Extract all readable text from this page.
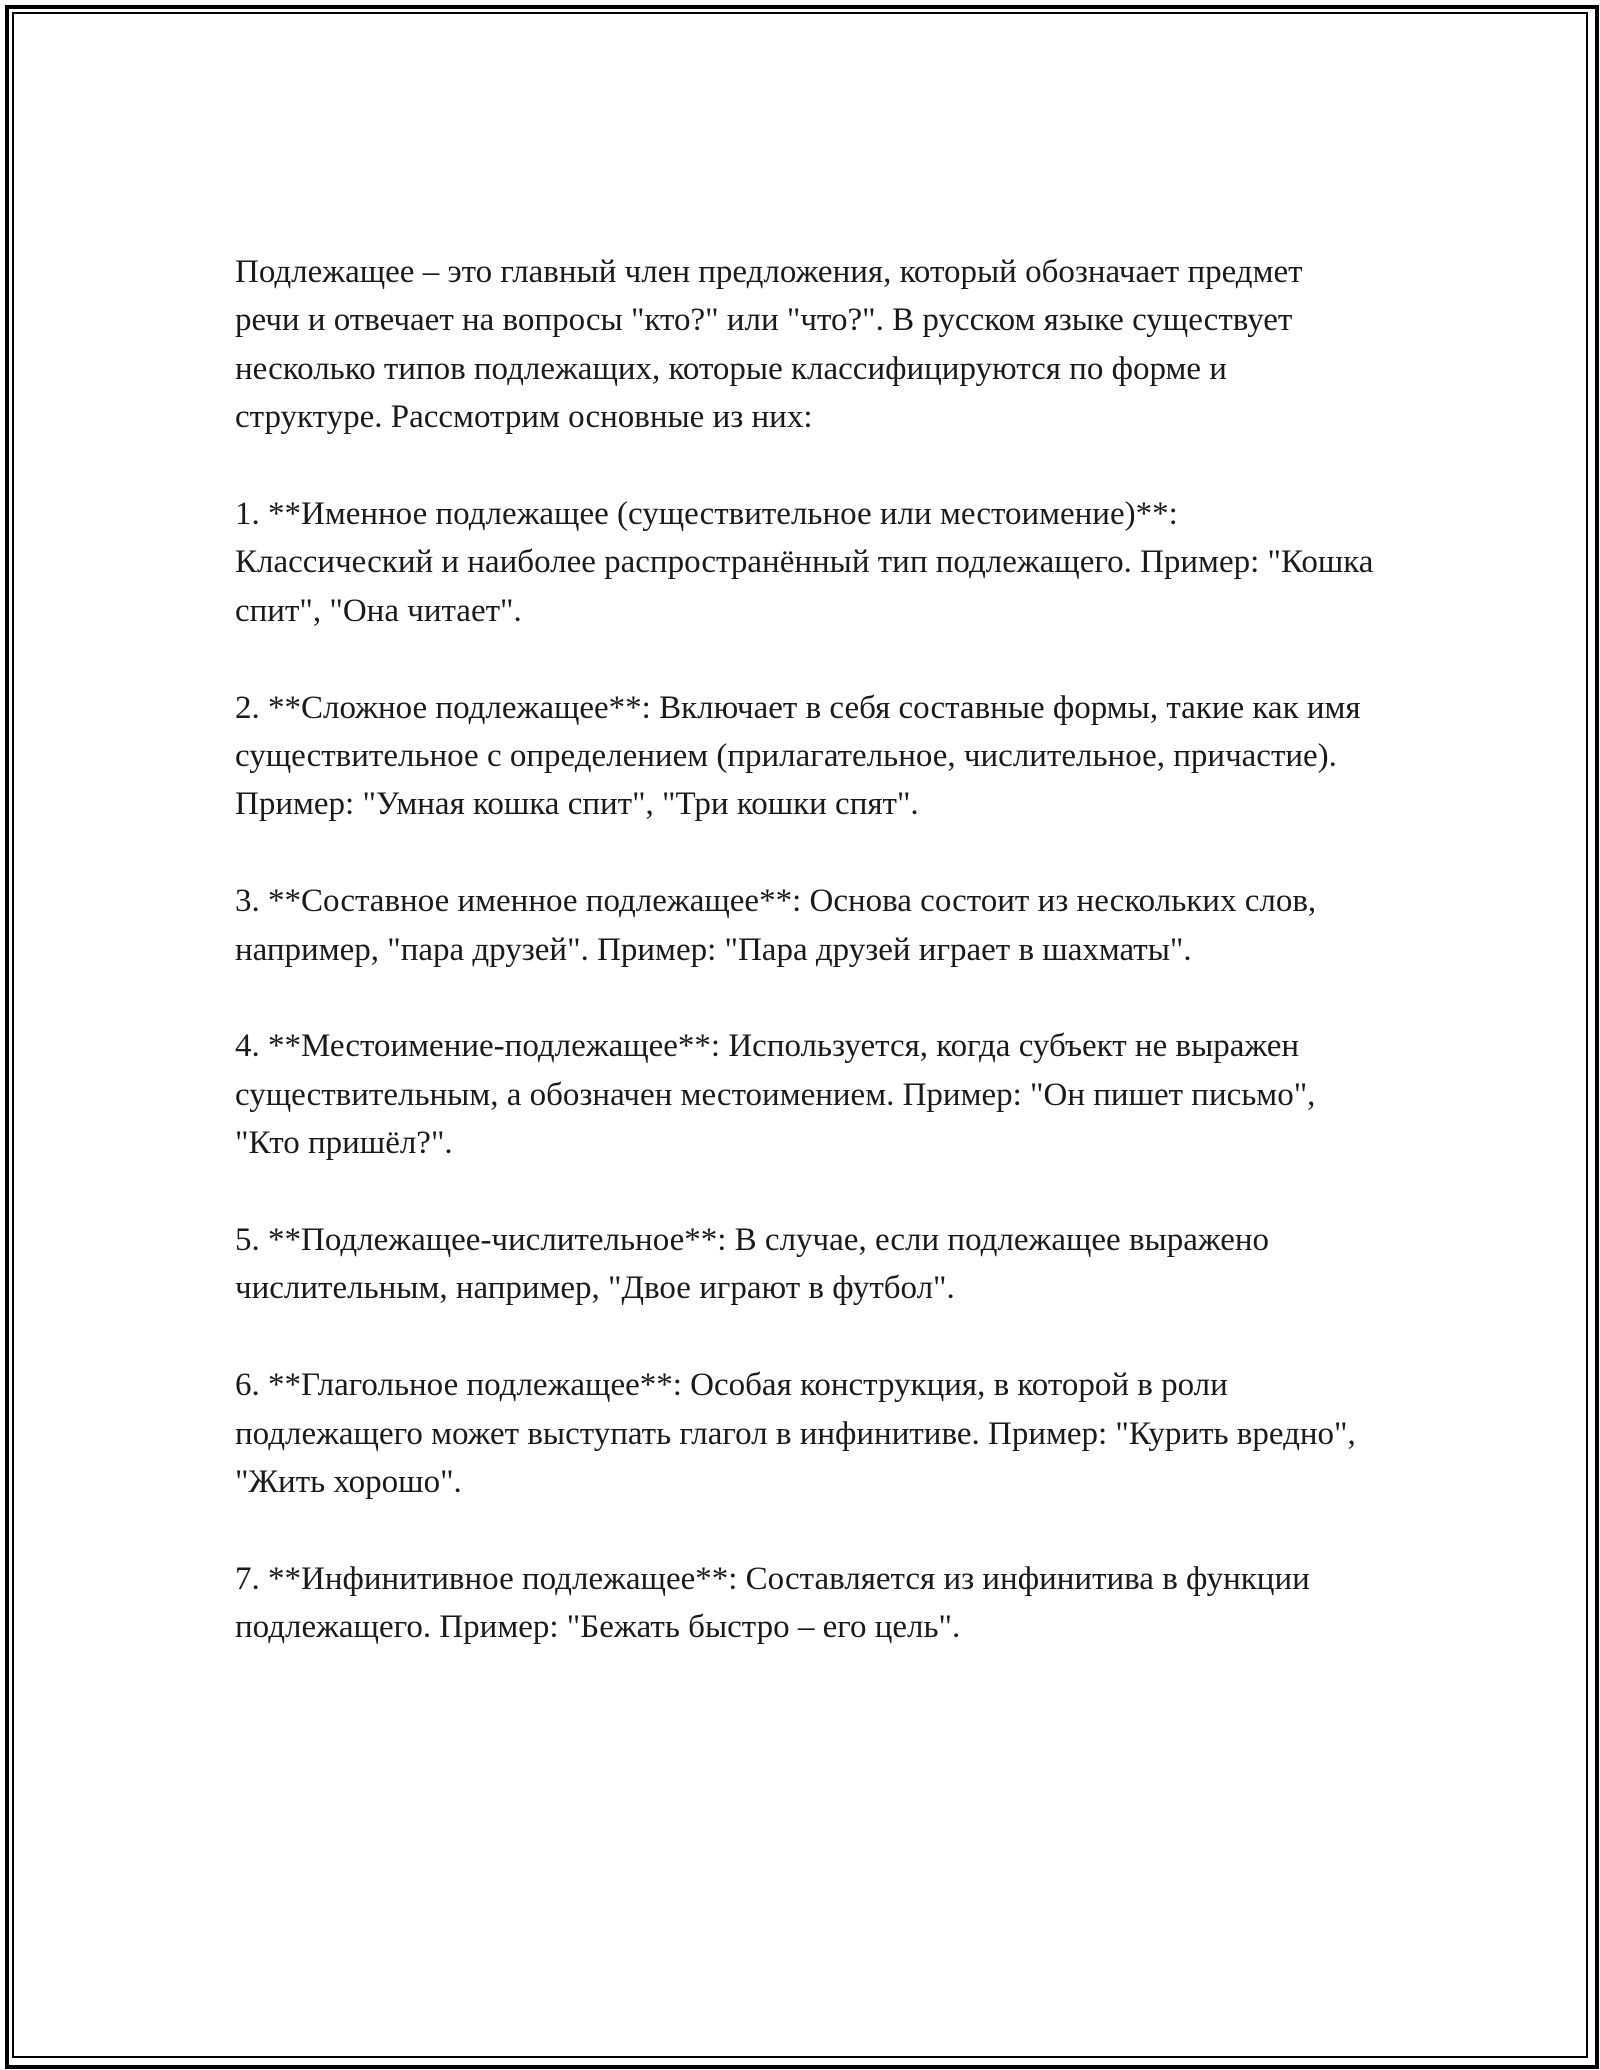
Подлежащее – это главный член предложения, который обозначает предмет речи и отвечает на вопросы "кто?" или "что?". В русском языке существует несколько типов подлежащих, которые классифицируются по форме и структуре. Рассмотрим основные из них:

1. **Именное подлежащее (существительное или местоимение)**: Классический и наиболее распространённый тип подлежащего. Пример: "Кошка спит", "Она читает".

2. **Сложное подлежащее**: Включает в себя составные формы, такие как имя существительное с определением (прилагательное, числительное, причастие). Пример: "Умная кошка спит", "Три кошки спят".

3. **Составное именное подлежащее**: Основа состоит из нескольких слов, например, "пара друзей". Пример: "Пара друзей играет в шахматы".

4. **Местоимение-подлежащее**: Используется, когда субъект не выражен существительным, а обозначен местоимением. Пример: "Он пишет письмо", "Кто пришёл?".

5. **Подлежащее-числительное**: В случае, если подлежащее выражено числительным, например, "Двое играют в футбол".

6. **Глагольное подлежащее**: Особая конструкция, в которой в роли подлежащего может выступать глагол в инфинитиве. Пример: "Курить вредно", "Жить хорошо".

7. **Инфинитивное подлежащее**: Составляется из инфинитива в функции подлежащего. Пример: "Бежать быстро – его цель".
